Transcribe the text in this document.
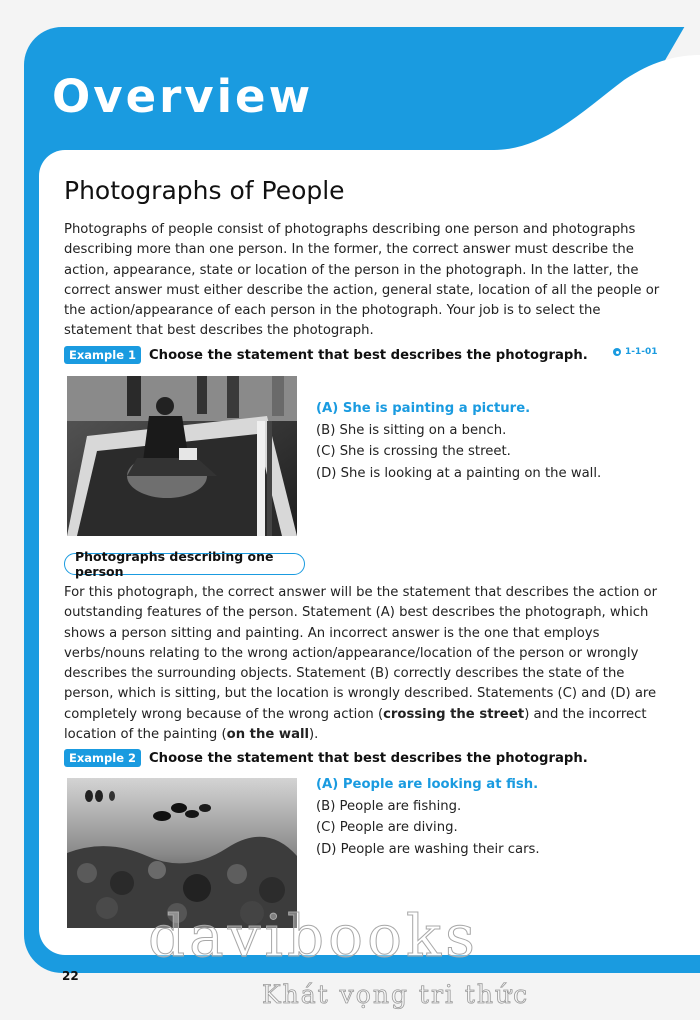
Overview
Photographs of People

Photographs of people consist of photographs describing one person and photographs describing more than one person. In the former, the correct answer must describe the action, appearance, state or location of the person in the photograph. In the latter, the correct answer must either describe the action, general state, location of all the people or the action/appearance of each person in the photograph. Your job is to select the statement that best describes the photograph.

Example 1 Choose the statement that best describes the photograph.	1-1-01
(A) She is painting a picture.
(B) She is sitting on a bench.
(C) She is crossing the street.
(D) She is looking at a painting on the wall.
Photographs describing one person

For this photograph, the correct answer will be the statement that describes the action or outstanding features of the person. Statement (A) best describes the photograph, which shows a person sitting and painting. An incorrect answer is the one that employs verbs/nouns relating to the wrong action/appearance/location of the person or wrongly describes the surrounding objects. Statement (B) correctly describes the state of the person, which is sitting, but the location is wrongly described. Statements (C) and (D) are completely wrong because of the wrong action (crossing the street) and the incorrect location of the painting (on the wall).

Example 2 Choose the statement that best describes the photograph.
(A) People are looking at fish.
(B) People are fishing.
(C) People are diving.
(D) People are washing their cars.
22

davibooks

Khát vọng tri thức
